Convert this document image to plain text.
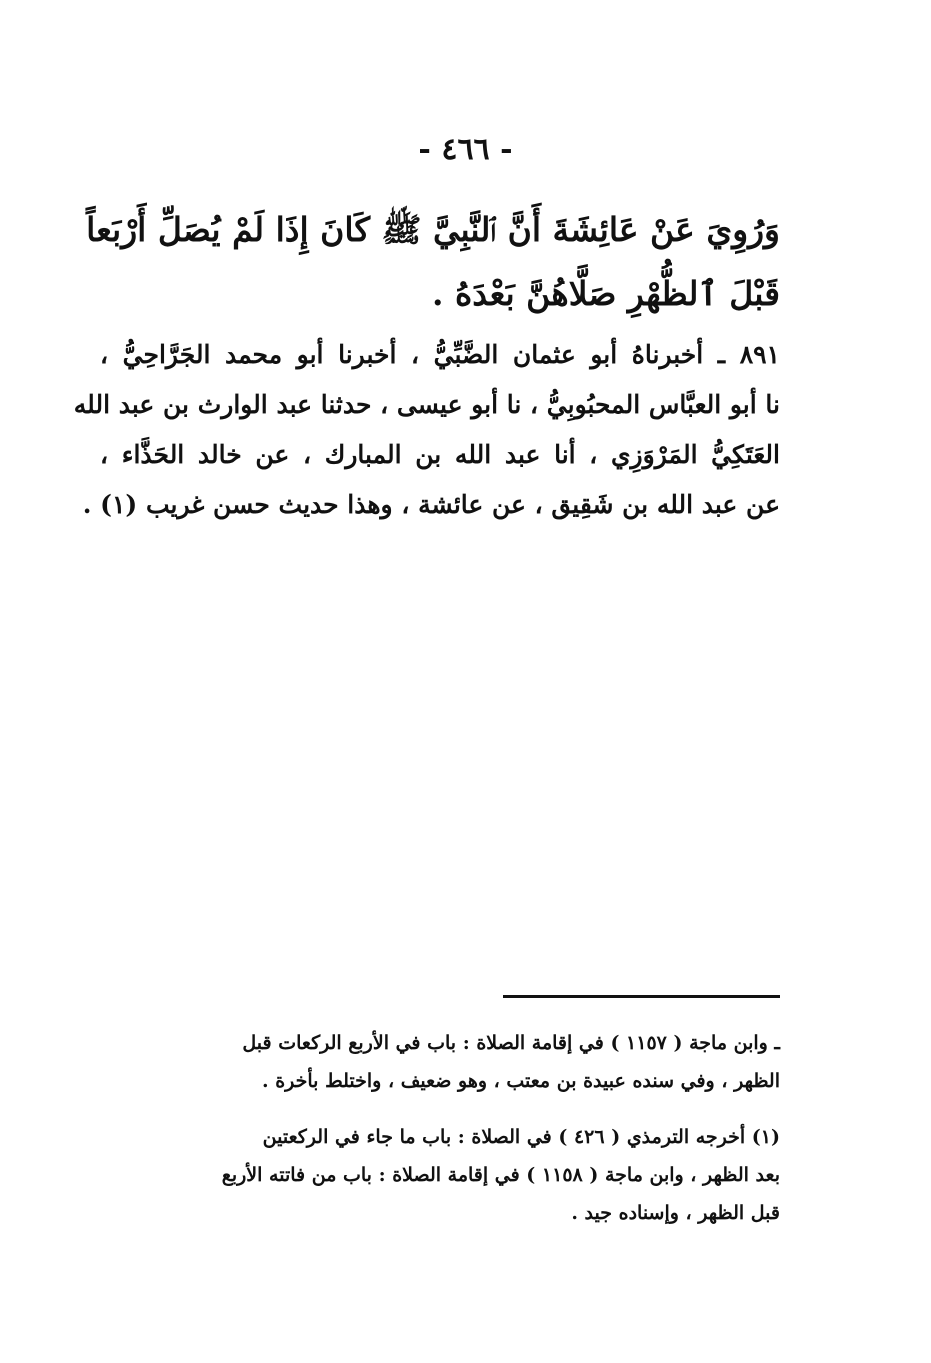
- ٤٦٦ -
وَرُوِيَ عَنْ عَائِشَةَ أَنَّ ٱلنَّبِيَّ ﷺ كَانَ إِذَا لَمْ يُصَلِّ أَرْبَعاً
قَبْلَ ٱلظُّهْرِ صَلَّاهُنَّ بَعْدَهُ .
٨٩١ ـ أخبرناهُ أبو عثمان الضَّبِّيُّ ، أخبرنا أبو محمد الجَرَّاحِيُّ ،
نا أبو العبَّاس المحبُوبِيُّ ، نا أبو عيسى ، حدثنا عبد الوارث بن عبد الله
العَتَكِيُّ المَرْوَزِي ، أنا عبد الله بن المبارك ، عن خالد الحَذَّاء ،
عن عبد الله بن شَقِيق ، عن عائشة ، وهذا حديث حسن غريب (١) .
ـ وابن ماجة ( ١١٥٧ ) في إقامة الصلاة : باب في الأربع الركعات قبل
الظهر ، وفي سنده عبيدة بن معتب ، وهو ضعيف ، واختلط بأخرة .
(١) أخرجه الترمذي ( ٤٢٦ ) في الصلاة : باب ما جاء في الركعتين
بعد الظهر ، وابن ماجة ( ١١٥٨ ) في إقامة الصلاة : باب من فاتته الأربع
قبل الظهر ، وإسناده جيد .
